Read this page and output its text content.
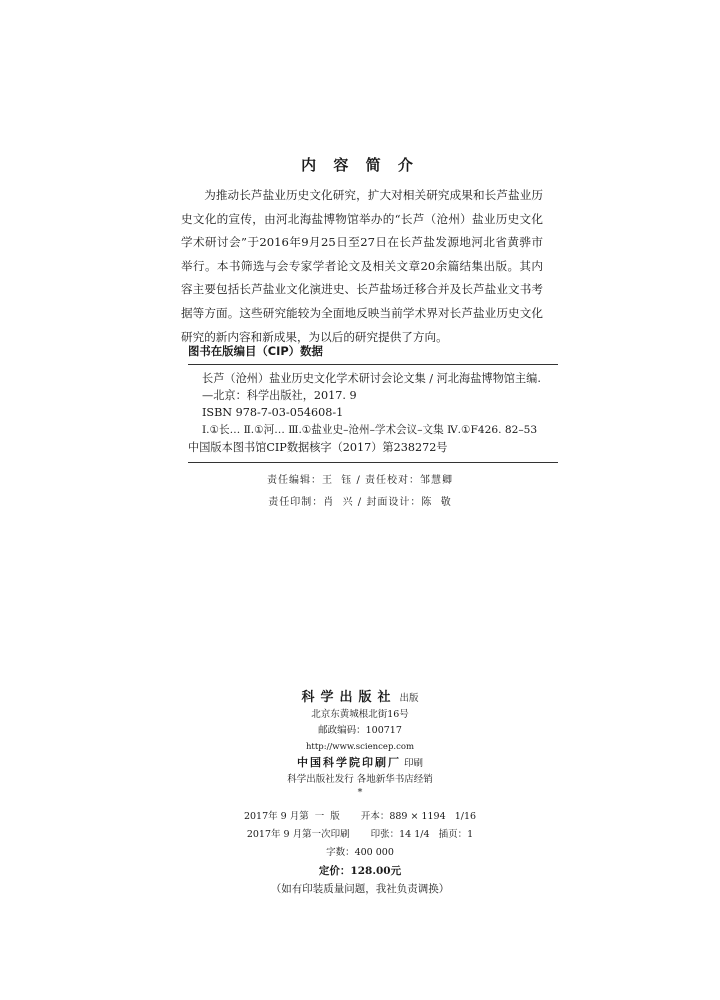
内 容 简 介

为推动长芦盐业历史文化研究，扩大对相关研究成果和长芦盐业历史文化的宣传，由河北海盐博物馆举办的“长芦（沧州）盐业历史文化学术研讨会”于2016年9月25日至27日在长芦盐发源地河北省黄骅市举行。本书筛选与会专家学者论文及相关文章20余篇结集出版。其内容主要包括长芦盐业文化演进史、长芦盐场迁移合并及长芦盐业文书考据等方面。这些研究能较为全面地反映当前学术界对长芦盐业历史文化研究的新内容和新成果，为以后的研究提供了方向。

图书在版编目（CIP）数据
长芦（沧州）盐业历史文化学术研讨会论文集 / 河北海盐博物馆主编.
—北京：科学出版社，2017. 9
ISBN 978-7-03-054608-1
Ⅰ.①长… Ⅱ.①河… Ⅲ.①盐业史–沧州–学术会议–文集 Ⅳ.①F426. 82–53
中国版本图书馆CIP数据核字（2017）第238272号
责任编辑：王  钰 / 责任校对：邹慧卿
责任印制：肖  兴 / 封面设计：陈  敬
科学出版社 出版
北京东黄城根北街16号
邮政编码：100717
http://www.sciencep.com
中国科学院印刷厂 印刷
科学出版社发行 各地新华书店经销
*
2017年 9 月第  一  版 开本：889 × 1194   1/16
2017年 9 月第一次印刷 印张：14 1/4   插页：1
字数：400 000
定价：128.00元
（如有印装质量问题，我社负责调换）
